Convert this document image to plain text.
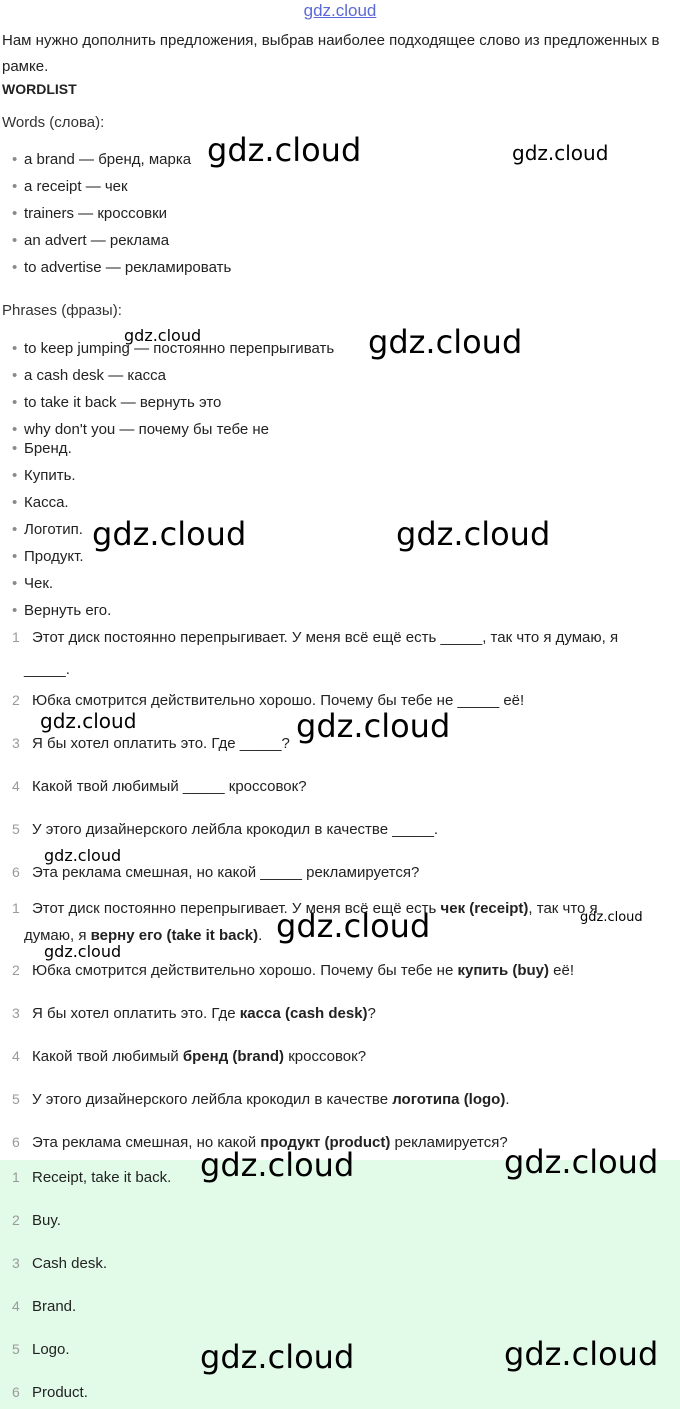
gdz.cloud
Нам нужно дополнить предложения, выбрав наиболее подходящее слово из предложенных в рамке.
WORDLIST
Words (слова):
• a brand — бренд, марка
• a receipt — чек
• trainers — кроссовки
• an advert — реклама
• to advertise — рекламировать
Phrases (фразы):
• to keep jumping — постоянно перепрыгивать
• a cash desk — касса
• to take it back — вернуть это
• why don't you — почему бы тебе не
• Бренд.
• Купить.
• Касса.
• Логотип.
• Продукт.
• Чек.
• Вернуть его.
1 Этот диск постоянно перепрыгивает. У меня всё ещё есть _____, так что я думаю, я
_____.
2 Юбка смотрится действительно хорошо. Почему бы тебе не _____ её!
3 Я бы хотел оплатить это. Где _____?
4 Какой твой любимый _____ кроссовок?
5 У этого дизайнерского лейбла крокодил в качестве _____.
6 Эта реклама смешная, но какой _____ рекламируется?
1 Этот диск постоянно перепрыгивает. У меня всё ещё есть чек (receipt), так что я
думаю, я верну его (take it back).
2 Юбка смотрится действительно хорошо. Почему бы тебе не купить (buy) её!
3 Я бы хотел оплатить это. Где касса (cash desk)?
4 Какой твой любимый бренд (brand) кроссовок?
5 У этого дизайнерского лейбла крокодил в качестве логотипа (logo).
6 Эта реклама смешная, но какой продукт (product) рекламируется?
1 Receipt, take it back.
2 Buy.
3 Cash desk.
4 Brand.
5 Logo.
6 Product.
gdz.cloud	gdz.cloud
gdz.cloud	gdz.cloud
gdz.cloud	gdz.cloud
gdz.cloud	gdz.cloud
gdz.cloud
gdz.cloud	gdz.cloud
gdz.cloud
gdz.cloud	gdz.cloud
gdz.cloud	gdz.cloud
